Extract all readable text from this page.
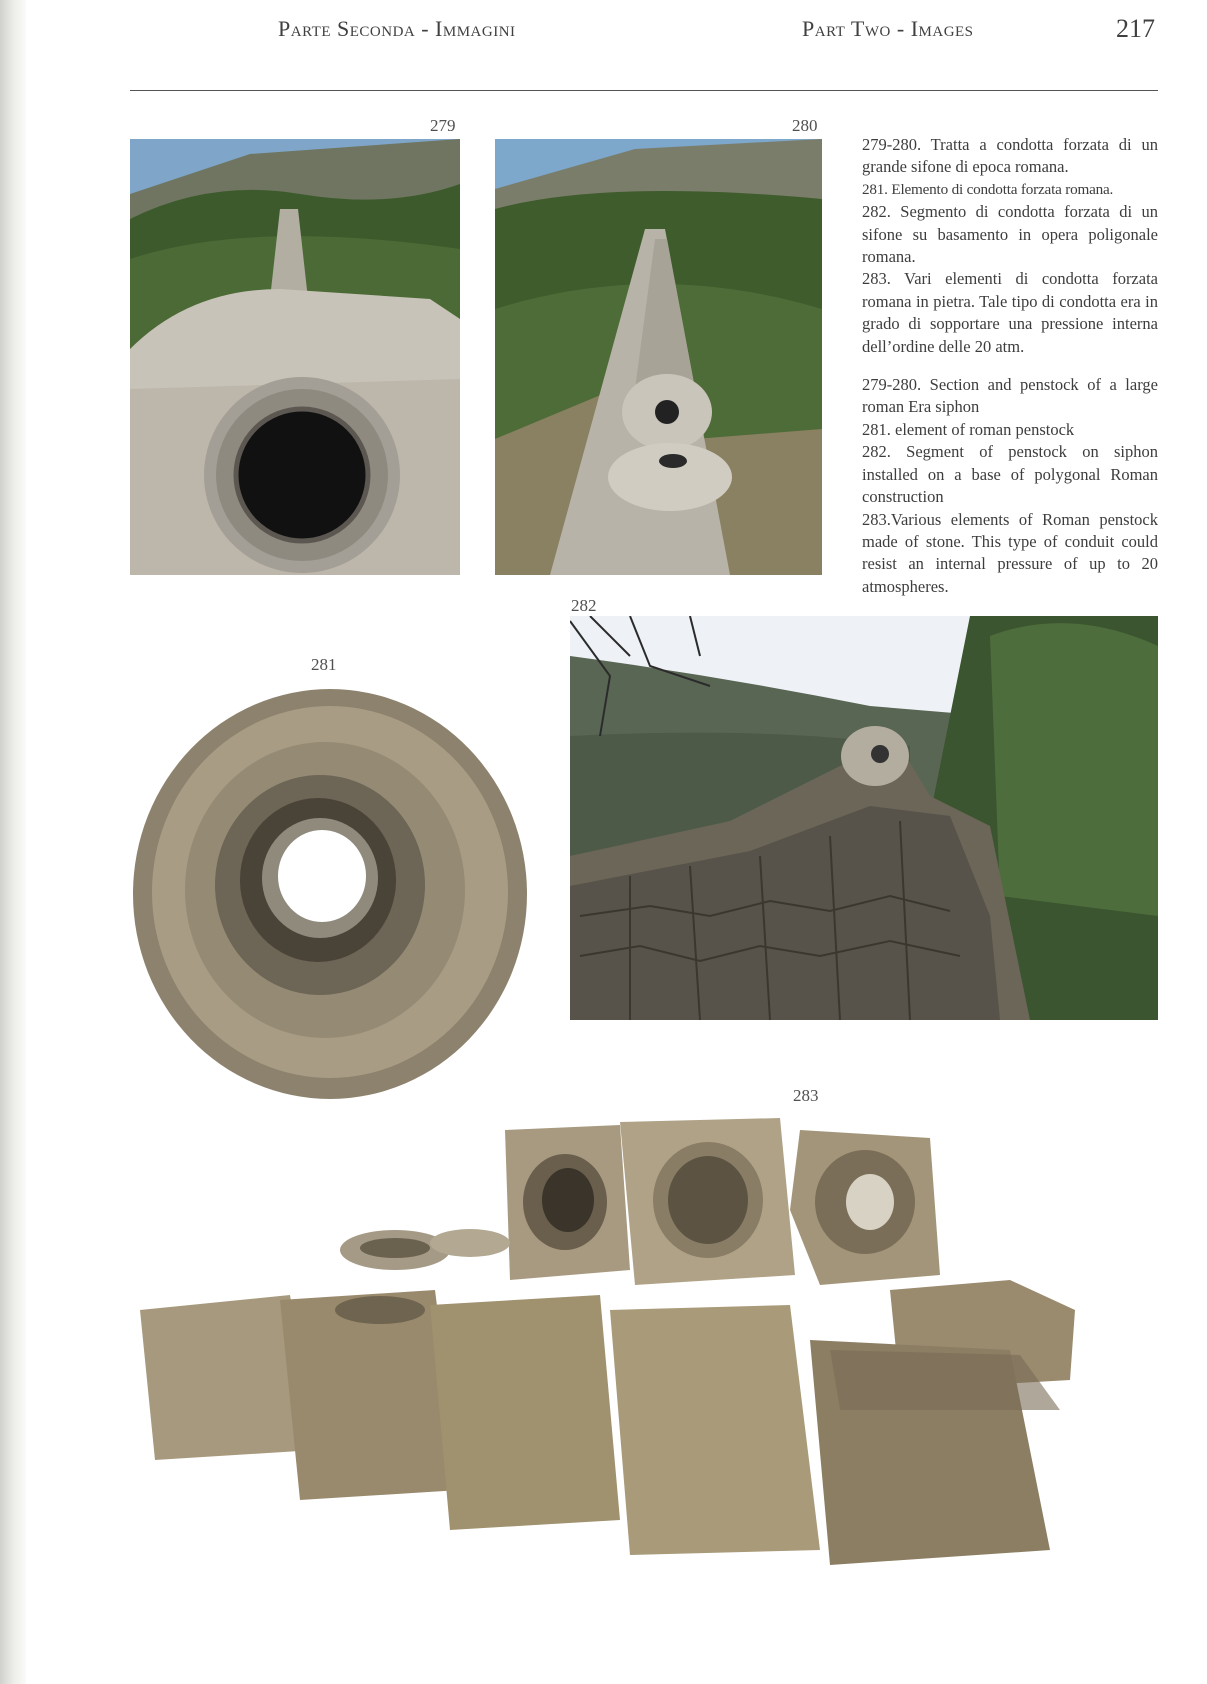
Parte Seconda - Immagini	Part Two - Images	217
279	280
282
281
283

279-280. Tratta a condotta forzata di un grande sifone di epoca romana.

281. Elemento di condotta forzata romana.

282. Segmento di condotta forzata di un sifone su basamento in opera poligonale romana.

283. Vari elementi di condotta forzata romana in pietra. Tale tipo di condotta era in grado di sopportare una pressione interna dell’ordine delle 20 atm.

279-280. Section and penstock of a large roman Era siphon

281. element of roman penstock

282. Segment of penstock on siphon installed on a base of polygonal Roman construction

283.Various elements of Roman penstock made of stone. This type of conduit could resist an internal pressure of up to 20 atmospheres.
